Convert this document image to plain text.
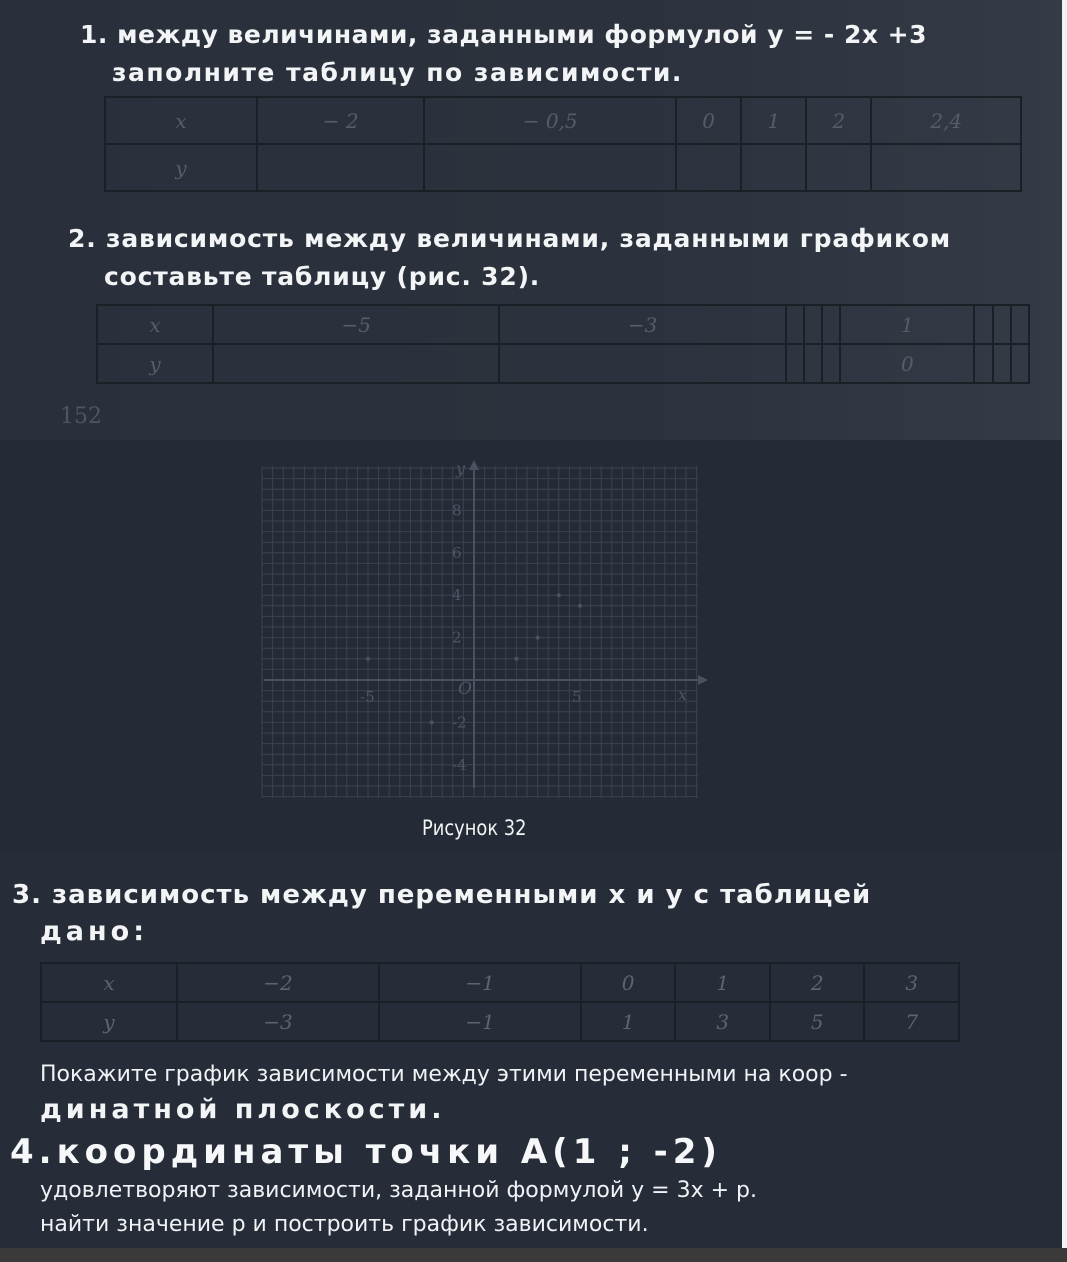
1. между величинами, заданными формулой у = - 2х +3
заполните таблицу по зависимости.
x	− 2	− 0,5	0	1	2	2,4
y						
2. зависимость между величинами, заданными графиком
составьте таблицу (рис. 32).
x	−5	−3				1			
y						0			
152
y
x
O
8
6
4
2
-2
-4
-5	5
Рисунок 32
3. зависимость между переменными х и у с таблицей
дано:
x	−2	−1	0	1	2	3
y	−3	−1	1	3	5	7
Покажите график зависимости между этими переменными на коор -
динатной плоскости.
4.координаты точки А(1 ; -2)
удовлетворяют зависимости, заданной формулой у = 3х + р.
найти значение р и построить график зависимости.
